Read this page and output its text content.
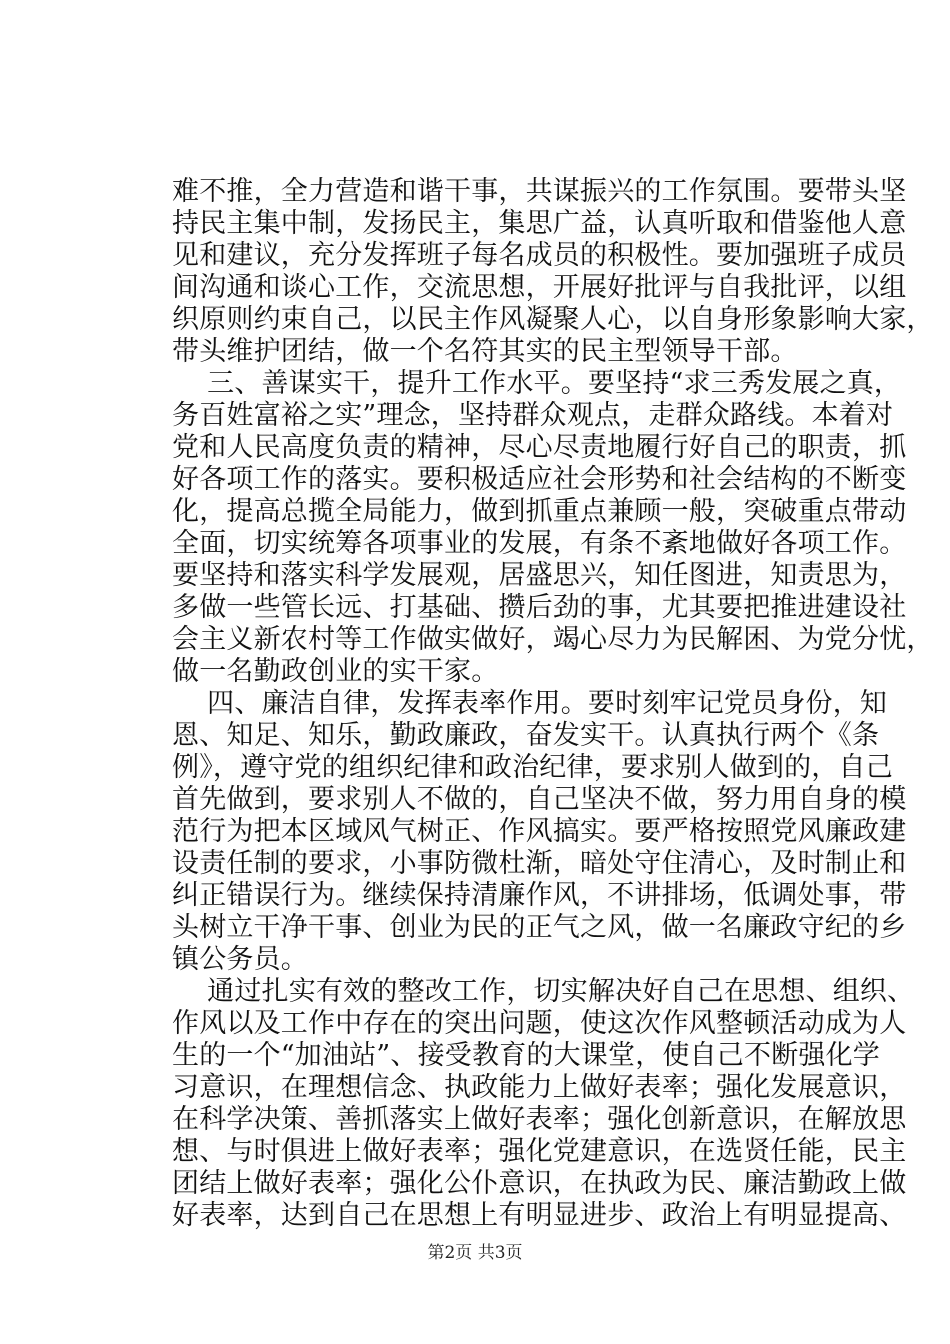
难不推，全力营造和谐干事，共谋振兴的工作氛围。要带头坚
持民主集中制，发扬民主，集思广益，认真听取和借鉴他人意
见和建议，充分发挥班子每名成员的积极性。要加强班子成员
间沟通和谈心工作，交流思想，开展好批评与自我批评，以组
织原则约束自己，以民主作风凝聚人心，以自身形象影响大家，
带头维护团结，做一个名符其实的民主型领导干部。
三、善谋实干，提升工作水平。要坚持“求三秀发展之真，
务百姓富裕之实”理念，坚持群众观点，走群众路线。本着对
党和人民高度负责的精神，尽心尽责地履行好自己的职责，抓
好各项工作的落实。要积极适应社会形势和社会结构的不断变
化，提高总揽全局能力，做到抓重点兼顾一般，突破重点带动
全面，切实统筹各项事业的发展，有条不紊地做好各项工作。
要坚持和落实科学发展观，居盛思兴，知任图进，知责思为，
多做一些管长远、打基础、攒后劲的事，尤其要把推进建设社
会主义新农村等工作做实做好，竭心尽力为民解困、为党分忧，
做一名勤政创业的实干家。
四、廉洁自律，发挥表率作用。要时刻牢记党员身份，知
恩、知足、知乐，勤政廉政，奋发实干。认真执行两个《条
例》，遵守党的组织纪律和政治纪律，要求别人做到的，自己
首先做到，要求别人不做的，自己坚决不做，努力用自身的模
范行为把本区域风气树正、作风搞实。要严格按照党风廉政建
设责任制的要求，小事防微杜渐，暗处守住清心，及时制止和
纠正错误行为。继续保持清廉作风，不讲排场，低调处事，带
头树立干净干事、创业为民的正气之风，做一名廉政守纪的乡
镇公务员。
通过扎实有效的整改工作，切实解决好自己在思想、组织、
作风以及工作中存在的突出问题，使这次作风整顿活动成为人
生的一个“加油站”、接受教育的大课堂，使自己不断强化学
习意识，在理想信念、执政能力上做好表率；强化发展意识，
在科学决策、善抓落实上做好表率；强化创新意识，在解放思
想、与时俱进上做好表率；强化党建意识，在选贤任能，民主
团结上做好表率；强化公仆意识，在执政为民、廉洁勤政上做
好表率，达到自己在思想上有明显进步、政治上有明显提高、
第2页 共3页
